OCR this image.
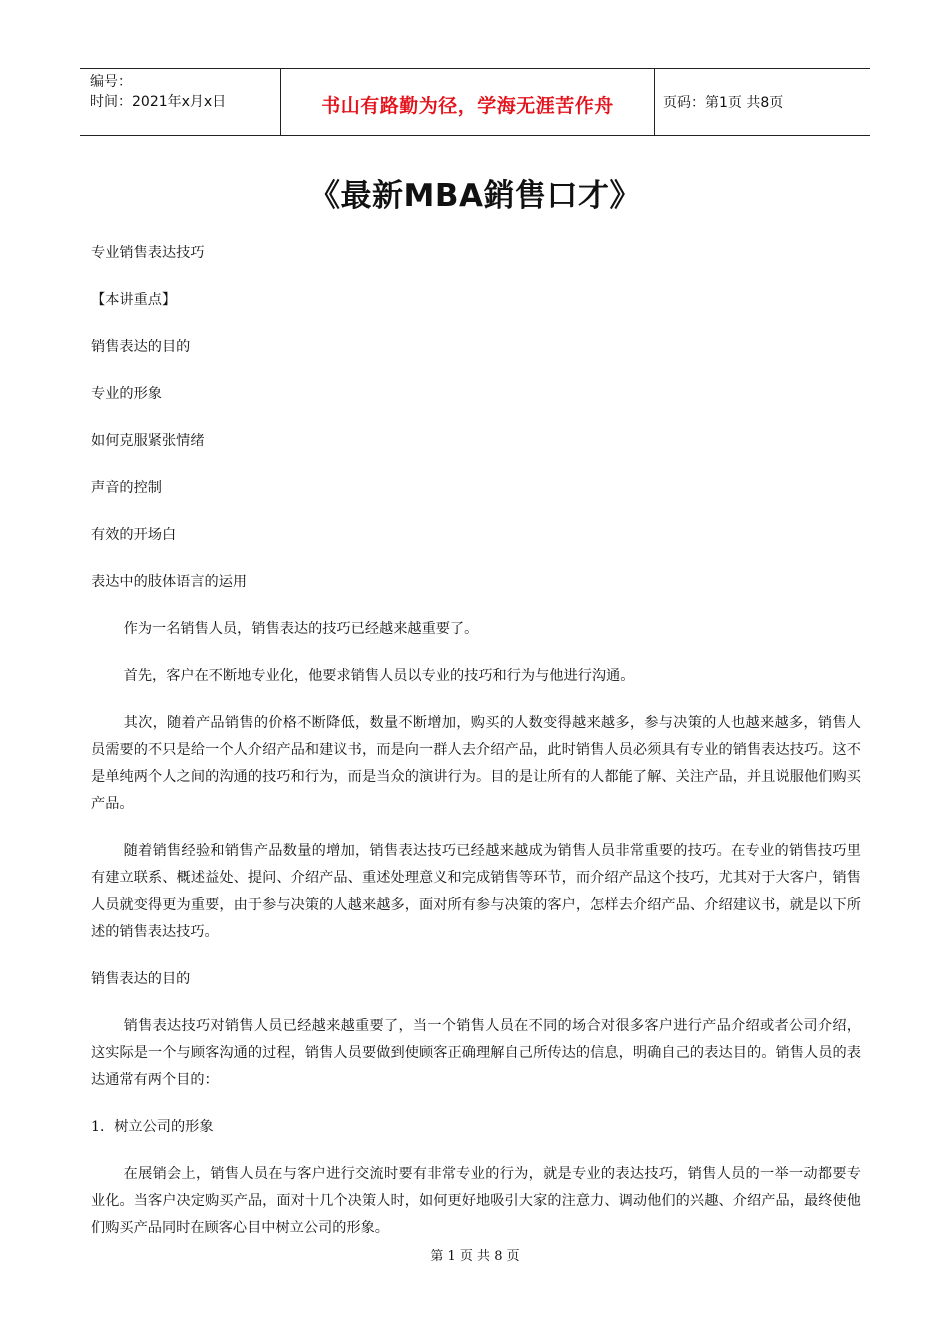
编号：
时间：2021年x月x日	书山有路勤为径，学海无涯苦作舟	页码：第1页 共8页
《最新MBA銷售口才》
专业销售表达技巧
【本讲重点】
销售表达的目的
专业的形象
如何克服紧张情绪
声音的控制
有效的开场白
表达中的肢体语言的运用
作为一名销售人员，销售表达的技巧已经越来越重要了。
首先，客户在不断地专业化，他要求销售人员以专业的技巧和行为与他进行沟通。
其次，随着产品销售的价格不断降低，数量不断增加，购买的人数变得越来越多，参与决策的人也越来越多，销售人员需要的不只是给一个人介绍产品和建议书，而是向一群人去介绍产品，此时销售人员必须具有专业的销售表达技巧。这不是单纯两个人之间的沟通的技巧和行为，而是当众的演讲行为。目的是让所有的人都能了解、关注产品，并且说服他们购买产品。
随着销售经验和销售产品数量的增加，销售表达技巧已经越来越成为销售人员非常重要的技巧。在专业的销售技巧里有建立联系、概述益处、提问、介绍产品、重述处理意义和完成销售等环节，而介绍产品这个技巧，尤其对于大客户，销售人员就变得更为重要，由于参与决策的人越来越多，面对所有参与决策的客户，怎样去介绍产品、介绍建议书，就是以下所述的销售表达技巧。
销售表达的目的
销售表达技巧对销售人员已经越来越重要了，当一个销售人员在不同的场合对很多客户进行产品介绍或者公司介绍，这实际是一个与顾客沟通的过程，销售人员要做到使顾客正确理解自己所传达的信息，明确自己的表达目的。销售人员的表达通常有两个目的：
1．树立公司的形象
在展销会上，销售人员在与客户进行交流时要有非常专业的行为，就是专业的表达技巧，销售人员的一举一动都要专业化。当客户决定购买产品，面对十几个决策人时，如何更好地吸引大家的注意力、调动他们的兴趣、介绍产品，最终使他们购买产品同时在顾客心目中树立公司的形象。
第 1 页 共 8 页
